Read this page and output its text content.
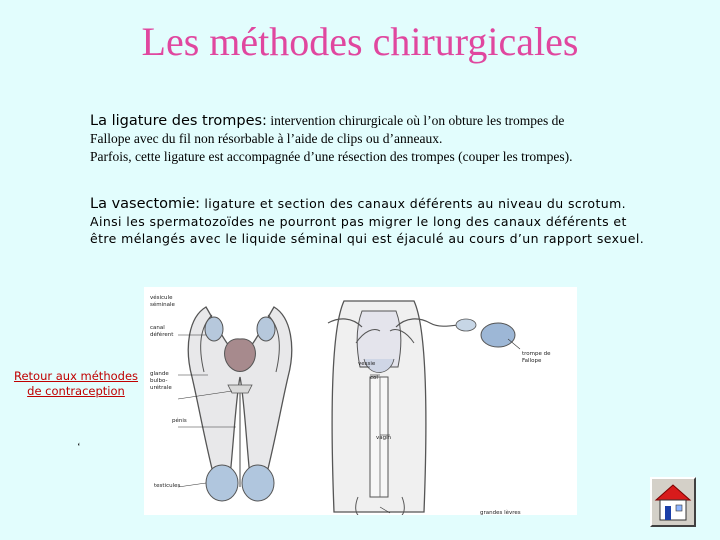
Les méthodes chirurgicales
La ligature des trompes: intervention chirurgicale où l’on obture les trompes de
Fallope avec du fil non résorbable à l’aide de clips ou d’anneaux.
Parfois, cette ligature est accompagnée d’une résection des trompes (couper les trompes).
La vasectomie: ligature et section des canaux déférents au niveau du scrotum.
Ainsi les spermatozoïdes ne pourront pas migrer le long des canaux déférents et
être mélangés avec le liquide séminal qui est éjaculé au cours d’un rapport sexuel.
vésicule
séminale
canal
déférent
glande
bulbo-
urétrale
pénis
testicules
vessie
col
vagin
trompe de
Fallope
grandes lèvres
Retour aux méthodes
de contraception
‘
